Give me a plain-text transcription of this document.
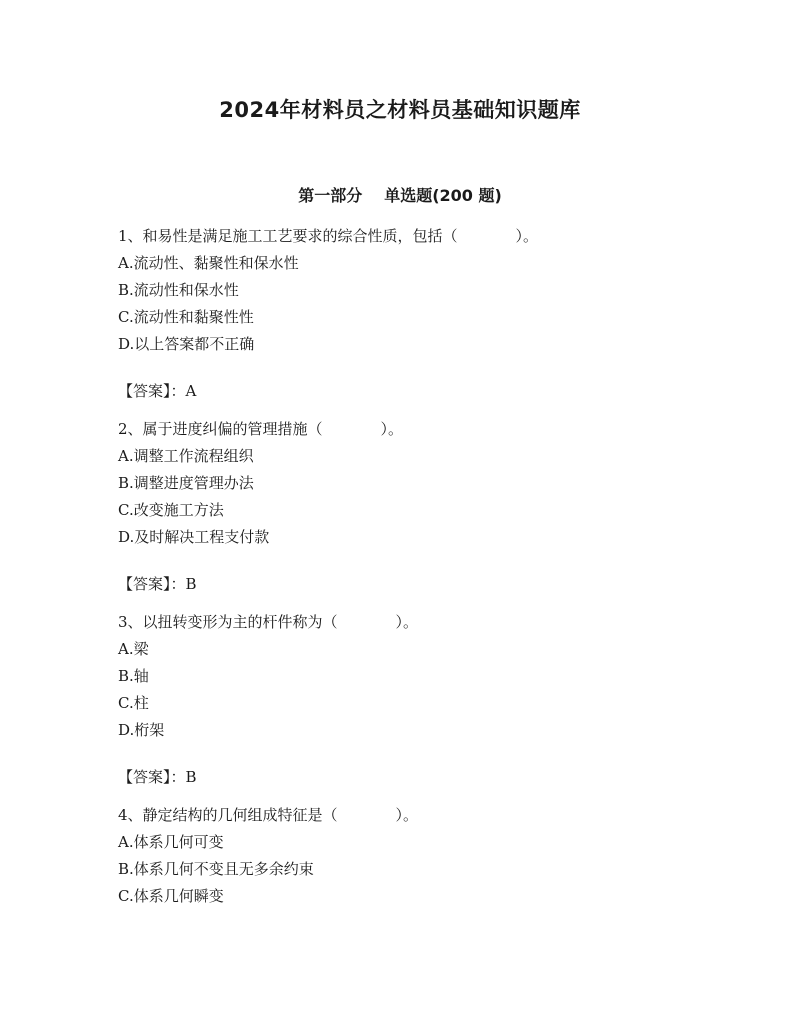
2024年材料员之材料员基础知识题库
第一部分 单选题(200 题)
1、和易性是满足施工工艺要求的综合性质，包括（	）。
A.流动性、黏聚性和保水性
B.流动性和保水性
C.流动性和黏聚性性
D.以上答案都不正确
【答案】：A
2、属于进度纠偏的管理措施（	）。
A.调整工作流程组织
B.调整进度管理办法
C.改变施工方法
D.及时解决工程支付款
【答案】：B
3、以扭转变形为主的杆件称为（	）。
A.梁
B.轴
C.柱
D.桁架
【答案】：B
4、静定结构的几何组成特征是（	）。
A.体系几何可变
B.体系几何不变且无多余约束
C.体系几何瞬变
